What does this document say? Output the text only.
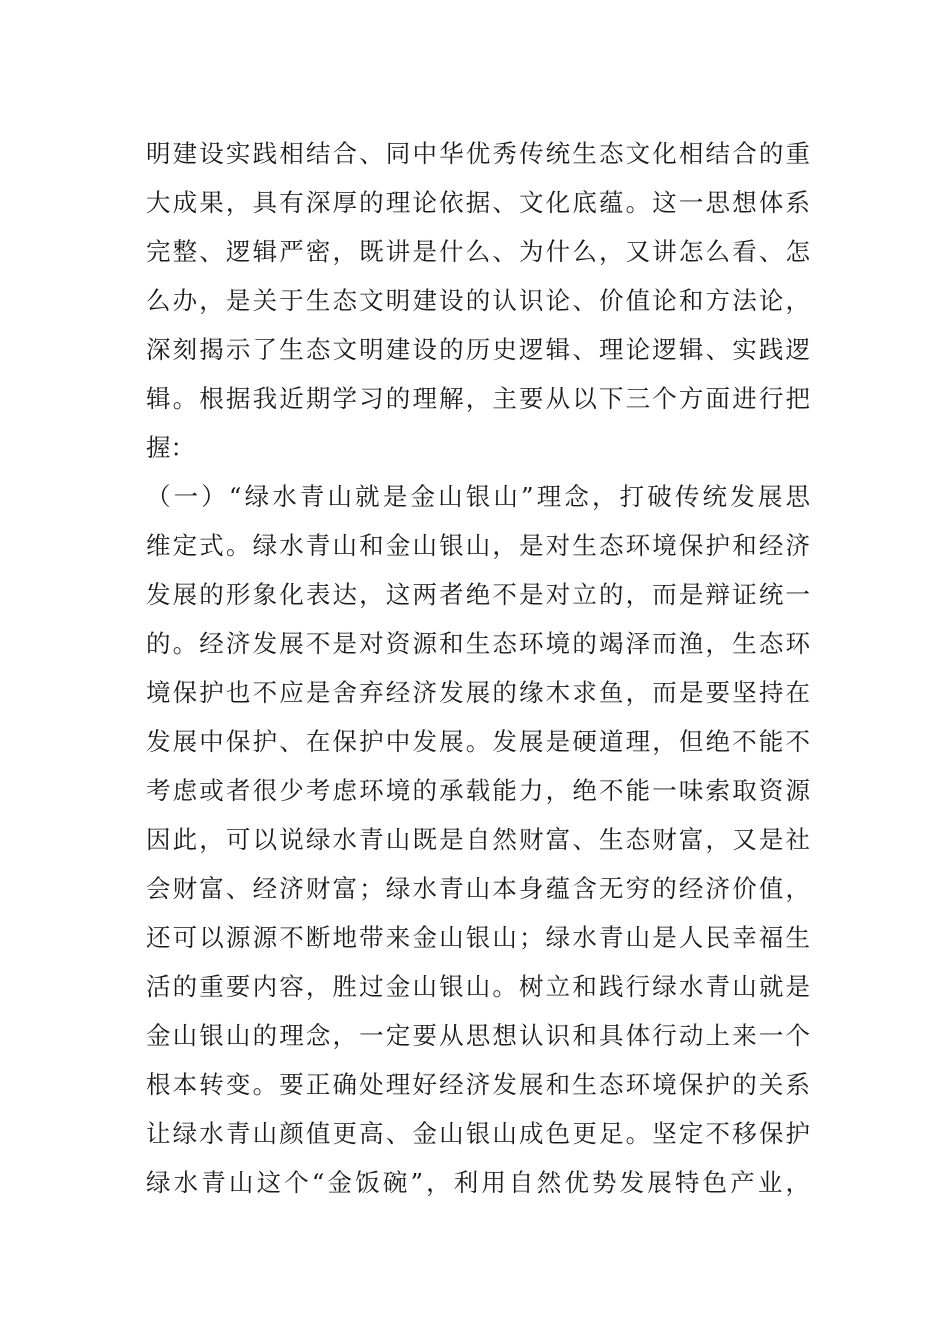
明建设实践相结合、同中华优秀传统生态文化相结合的重
大成果，具有深厚的理论依据、文化底蕴。这一思想体系
完整、逻辑严密，既讲是什么、为什么，又讲怎么看、怎
么办，是关于生态文明建设的认识论、价值论和方法论，
深刻揭示了生态文明建设的历史逻辑、理论逻辑、实践逻
辑。根据我近期学习的理解，主要从以下三个方面进行把
握：
（一）“绿水青山就是金山银山”理念，打破传统发展思
维定式。绿水青山和金山银山，是对生态环境保护和经济
发展的形象化表达，这两者绝不是对立的，而是辩证统一
的。经济发展不是对资源和生态环境的竭泽而渔，生态环
境保护也不应是舍弃经济发展的缘木求鱼，而是要坚持在
发展中保护、在保护中发展。发展是硬道理，但绝不能不
考虑或者很少考虑环境的承载能力，绝不能一味索取资源
因此，可以说绿水青山既是自然财富、生态财富，又是社
会财富、经济财富；绿水青山本身蕴含无穷的经济价值，
还可以源源不断地带来金山银山；绿水青山是人民幸福生
活的重要内容，胜过金山银山。树立和践行绿水青山就是
金山银山的理念，一定要从思想认识和具体行动上来一个
根本转变。要正确处理好经济发展和生态环境保护的关系
让绿水青山颜值更高、金山银山成色更足。坚定不移保护
绿水青山这个“金饭碗”，利用自然优势发展特色产业，
